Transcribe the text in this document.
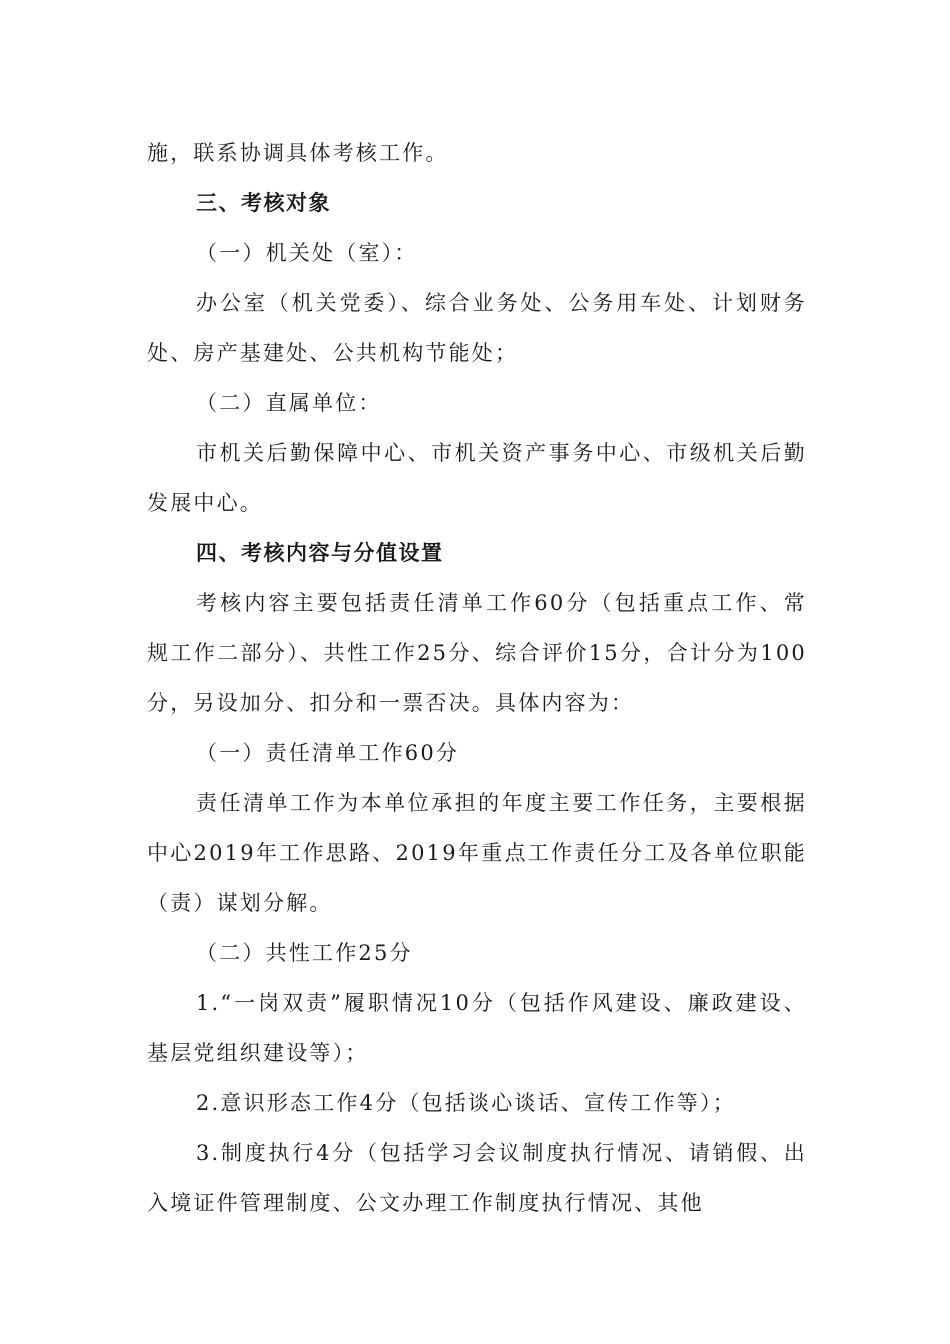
施，联系协调具体考核工作。

三、考核对象

（一）机关处（室）：

办公室（机关党委）、综合业务处、公务用车处、计划财务处、房产基建处、公共机构节能处；

（二）直属单位：

市机关后勤保障中心、市机关资产事务中心、市级机关后勤发展中心。

四、考核内容与分值设置

考核内容主要包括责任清单工作60分（包括重点工作、常规工作二部分）、共性工作25分、综合评价15分，合计分为100分，另设加分、扣分和一票否决。具体内容为：

（一）责任清单工作60分

责任清单工作为本单位承担的年度主要工作任务，主要根据中心2019年工作思路、2019年重点工作责任分工及各单位职能（责）谋划分解。

（二）共性工作25分

1.“一岗双责”履职情况10分（包括作风建设、廉政建设、基层党组织建设等）；

2.意识形态工作4分（包括谈心谈话、宣传工作等）；

3.制度执行4分（包括学习会议制度执行情况、请销假、出入境证件管理制度、公文办理工作制度执行情况、其他
